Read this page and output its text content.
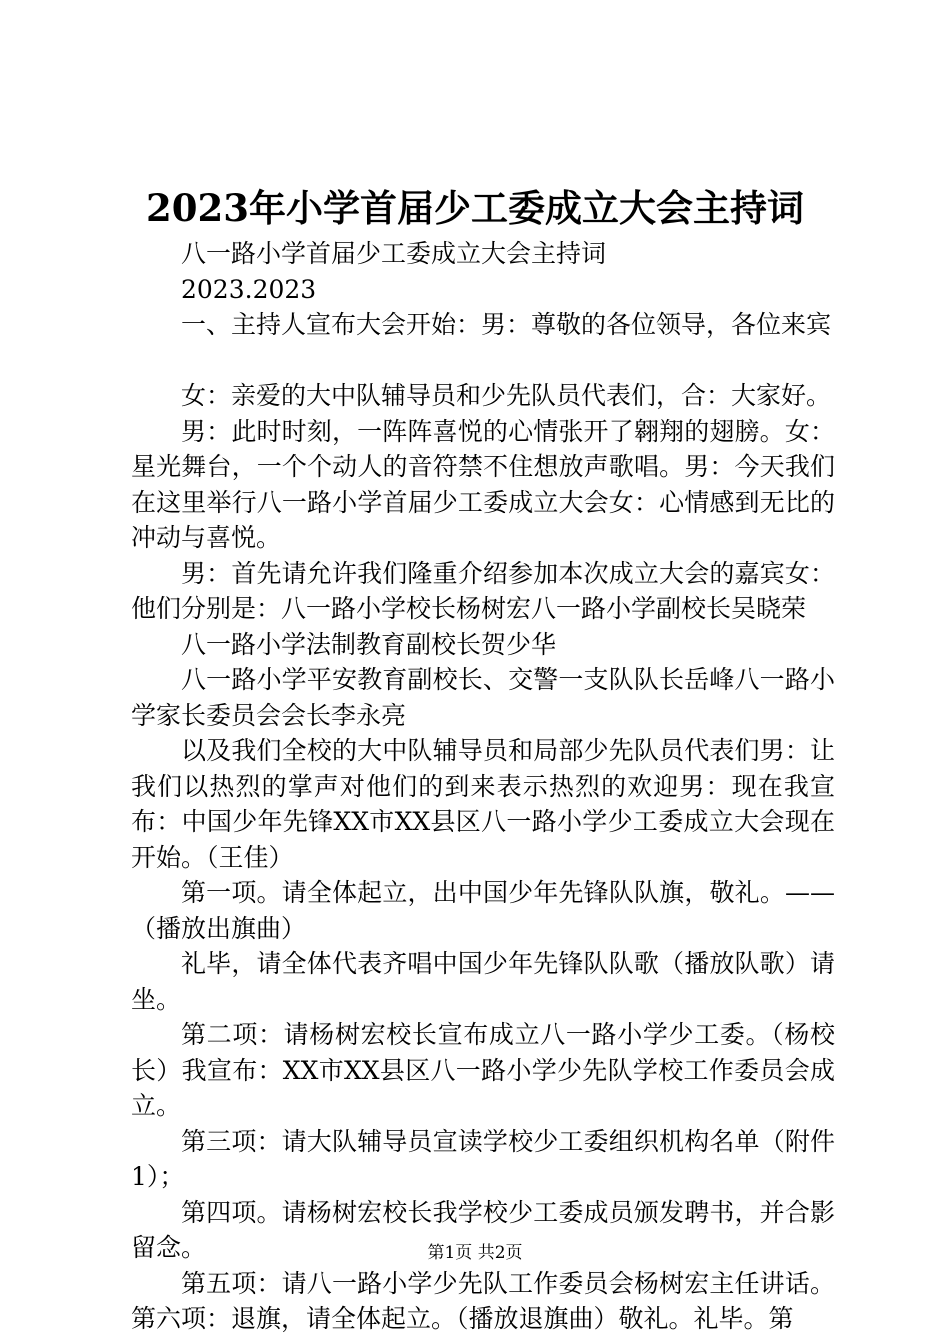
2023年小学首届少工委成立大会主持词

八一路小学首届少工委成立大会主持词

2023.2023

一、主持人宣布大会开始：男：尊敬的各位领导，各位来宾

女：亲爱的大中队辅导员和少先队员代表们，合：大家好。

男：此时时刻，一阵阵喜悦的心情张开了翱翔的翅膀。女：星光舞台，一个个动人的音符禁不住想放声歌唱。男：今天我们在这里举行八一路小学首届少工委成立大会女：心情感到无比的冲动与喜悦。

男：首先请允许我们隆重介绍参加本次成立大会的嘉宾女：他们分别是：八一路小学校长杨树宏八一路小学副校长吴晓荣

八一路小学法制教育副校长贺少华

八一路小学平安教育副校长、交警一支队队长岳峰八一路小学家长委员会会长李永亮

以及我们全校的大中队辅导员和局部少先队员代表们男：让我们以热烈的掌声对他们的到来表示热烈的欢迎男：现在我宣布：中国少年先锋XX市XX县区八一路小学少工委成立大会现在开始。（王佳）

第一项。请全体起立，出中国少年先锋队队旗，敬礼。——（播放出旗曲）

礼毕，请全体代表齐唱中国少年先锋队队歌（播放队歌）请坐。

第二项：请杨树宏校长宣布成立八一路小学少工委。（杨校长）我宣布：XX市XX县区八一路小学少先队学校工作委员会成立。

第三项：请大队辅导员宣读学校少工委组织机构名单（附件1）；

第四项。请杨树宏校长我学校少工委成员颁发聘书，并合影留念。

第五项：请八一路小学少先队工作委员会杨树宏主任讲话。第六项：退旗，请全体起立。（播放退旗曲）敬礼。礼毕。第

第1页 共2页
